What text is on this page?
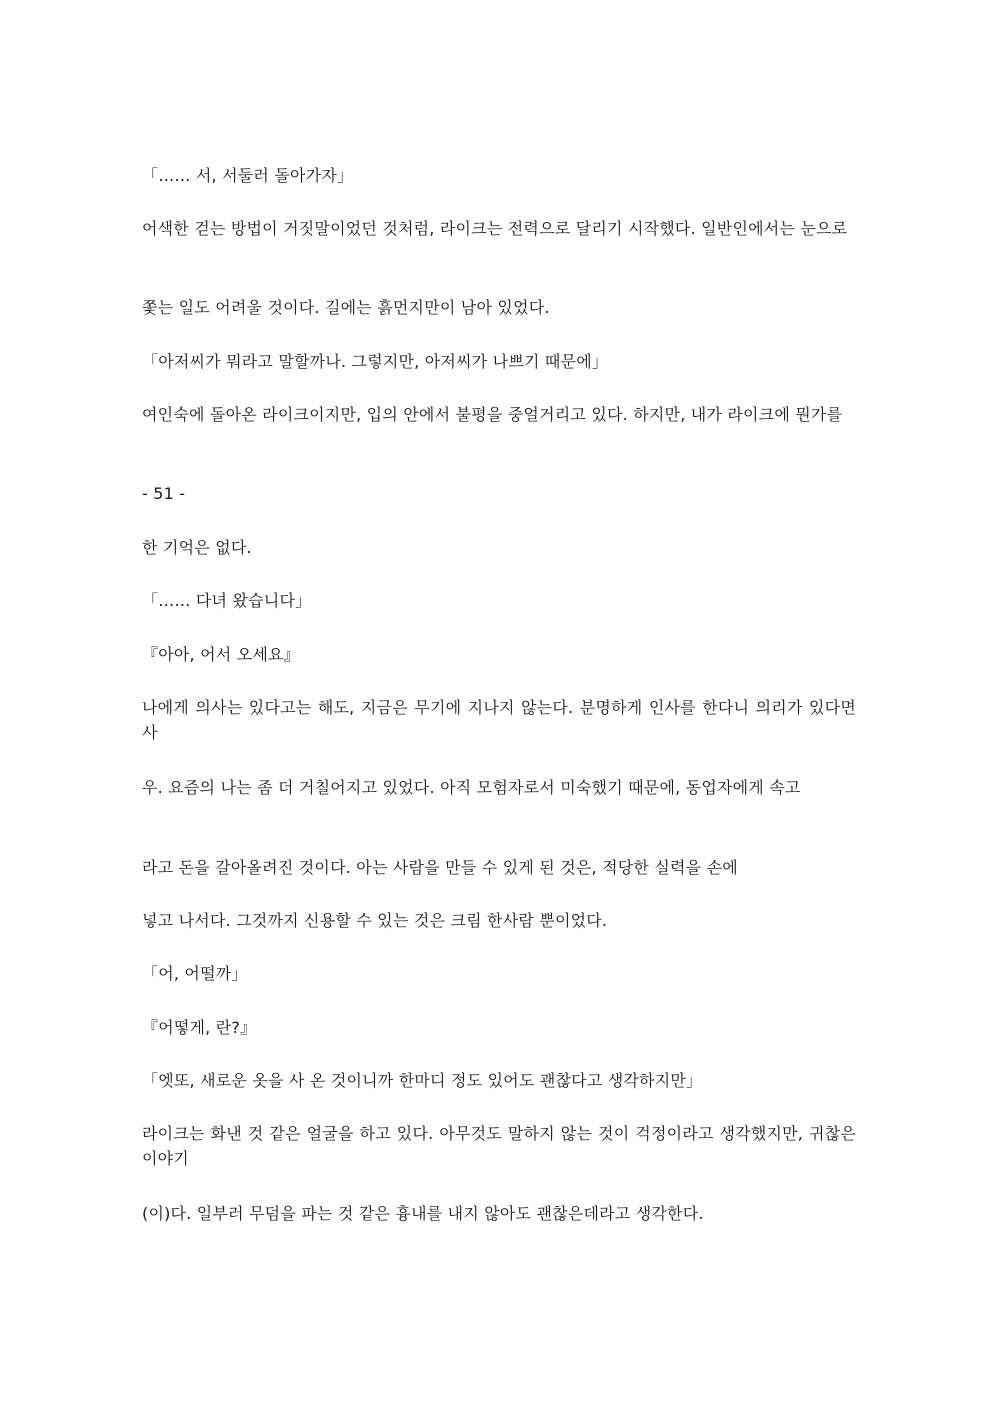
「…… 서, 서둘러 돌아가자」

어색한 걷는 방법이 거짓말이었던 것처럼, 라이크는 전력으로 달리기 시작했다. 일반인에서는 눈으로

쫓는 일도 어려울 것이다. 길에는 흙먼지만이 남아 있었다.

「아저씨가 뭐라고 말할까나. 그렇지만, 아저씨가 나쁘기 때문에」

여인숙에 돌아온 라이크이지만, 입의 안에서 불평을 중얼거리고 있다. 하지만, 내가 라이크에 뭔가를

- 51 -

한 기억은 없다.

「…… 다녀 왔습니다」

『아아, 어서 오세요』

나에게 의사는 있다고는 해도, 지금은 무기에 지나지 않는다. 분명하게 인사를 한다니 의리가 있다면 사

우. 요즘의 나는 좀 더 거칠어지고 있었다. 아직 모험자로서 미숙했기 때문에, 동업자에게 속고

라고 돈을 갈아올려진 것이다. 아는 사람을 만들 수 있게 된 것은, 적당한 실력을 손에

넣고 나서다. 그것까지 신용할 수 있는 것은 크림 한사람 뿐이었다.

「어, 어떨까」

『어떻게, 란?』

「엣또, 새로운 옷을 사 온 것이니까 한마디 정도 있어도 괜찮다고 생각하지만」

라이크는 화낸 것 같은 얼굴을 하고 있다. 아무것도 말하지 않는 것이 걱정이라고 생각했지만, 귀찮은 이야기

(이)다. 일부러 무덤을 파는 것 같은 흉내를 내지 않아도 괜찮은데라고 생각한다.
